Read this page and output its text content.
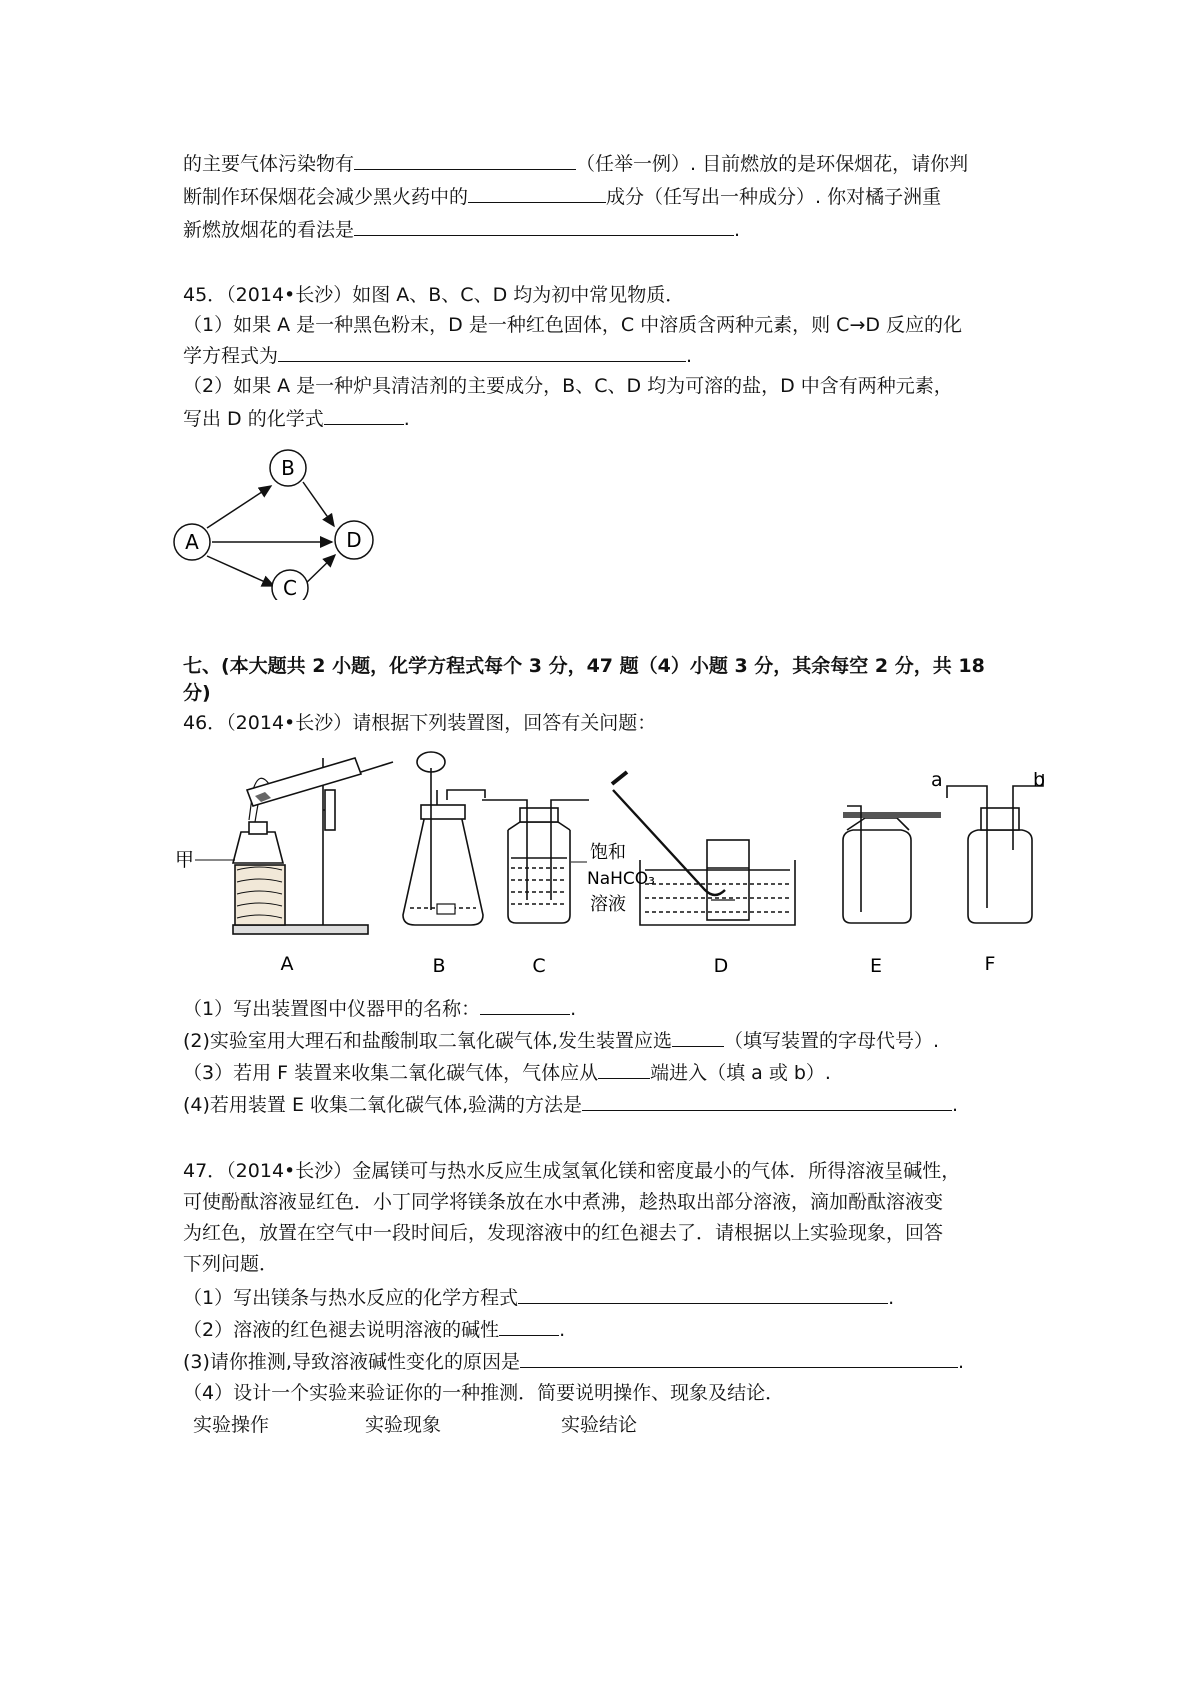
的主要气体污染物有	（任举一例）. 目前燃放的是环保烟花，请你判
断制作环保烟花会减少黑火药中的	成分（任写出一种成分）. 你对橘子洲重
新燃放烟花的看法是	.
45．（2014•长沙）如图 A、B、C、D 均为初中常见物质．
（1）如果 A 是一种黑色粉末，D 是一种红色固体，C 中溶质含两种元素，则 C→D 反应的化
学方程式为	.
（2）如果 A 是一种炉具清洁剂的主要成分，B、C、D 均为可溶的盐，D 中含有两种元素，
写出 D 的化学式	.
A
B
C
D
七、(本大题共 2 小题，化学方程式每个 3 分，47 题（4）小题 3 分，其余每空 2 分，共 18
分)
46．（2014•长沙）请根据下列装置图，回答有关问题：
甲	饱和
NaHCO₃
溶液
a	b
A	B	C	D	E	F
（1）写出装置图中仪器甲的名称：	.
(2)实验室用大理石和盐酸制取二氧化碳气体,发生装置应选	（填写装置的字母代号）.
（3）若用 F 装置来收集二氧化碳气体，气体应从	端进入（填 a 或 b）.
(4)若用装置 E 收集二氧化碳气体,验满的方法是	.
47．（2014•长沙）金属镁可与热水反应生成氢氧化镁和密度最小的气体．所得溶液呈碱性，
可使酚酞溶液显红色．小丁同学将镁条放在水中煮沸，趁热取出部分溶液，滴加酚酞溶液变
为红色，放置在空气中一段时间后，发现溶液中的红色褪去了．请根据以上实验现象，回答
下列问题．
（1）写出镁条与热水反应的化学方程式	.
（2）溶液的红色褪去说明溶液的碱性	.
(3)请你推测,导致溶液碱性变化的原因是	.
（4）设计一个实验来验证你的一种推测．简要说明操作、现象及结论．
实验操作	实验现象	实验结论
